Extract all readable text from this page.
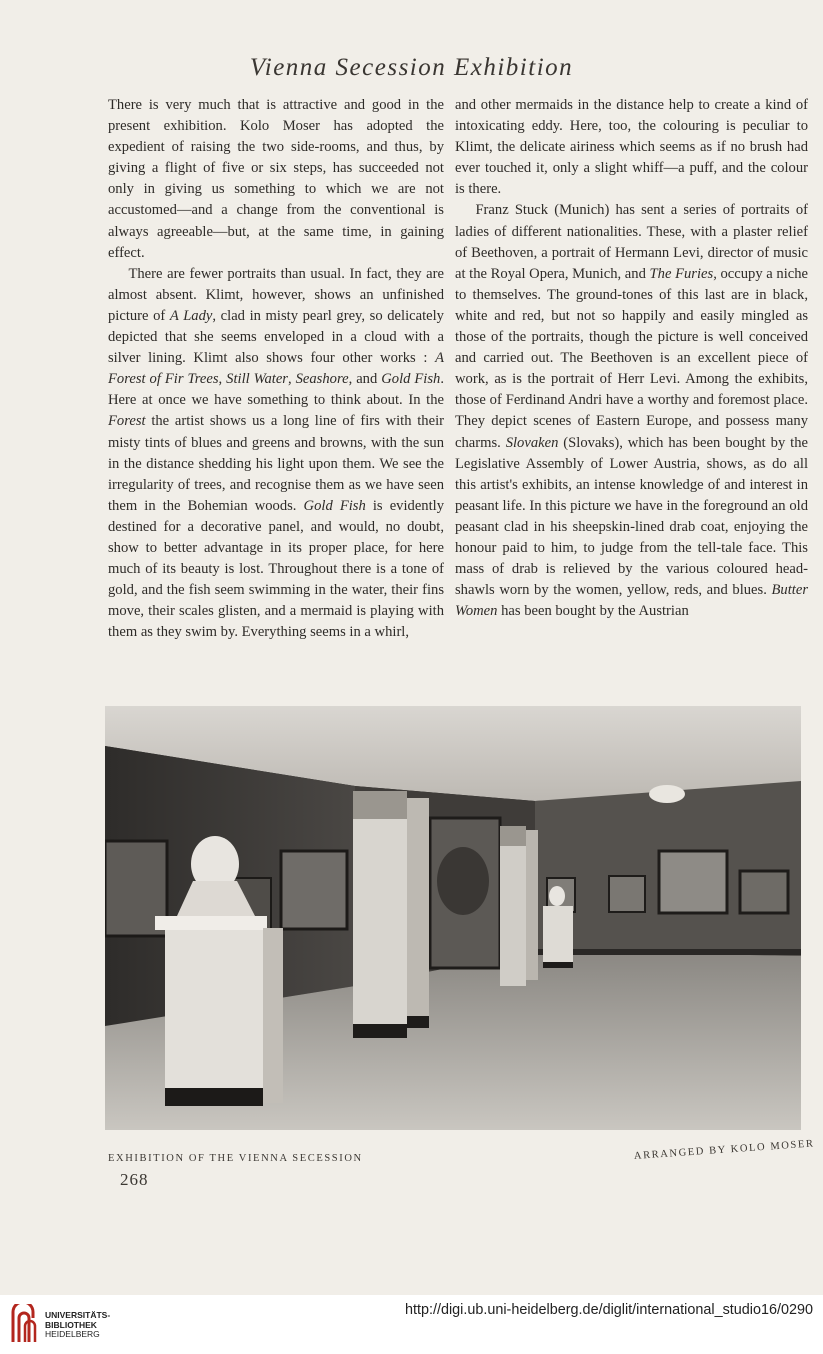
Vienna Secession Exhibition

There is very much that is attractive and good in the present exhibition. Kolo Moser has adopted the expedient of raising the two side-rooms, and thus, by giving a flight of five or six steps, has succeeded not only in giving us something to which we are not accustomed—and a change from the conventional is always agreeable—but, at the same time, in gaining effect.

There are fewer portraits than usual. In fact, they are almost absent. Klimt, however, shows an unfinished picture of A Lady, clad in misty pearl grey, so delicately depicted that she seems enveloped in a cloud with a silver lining. Klimt also shows four other works : A Forest of Fir Trees, Still Water, Seashore, and Gold Fish. Here at once we have something to think about. In the Forest the artist shows us a long line of firs with their misty tints of blues and greens and browns, with the sun in the distance shedding his light upon them. We see the irregularity of trees, and recognise them as we have seen them in the Bohemian woods. Gold Fish is evidently destined for a decorative panel, and would, no doubt, show to better advantage in its proper place, for here much of its beauty is lost. Throughout there is a tone of gold, and the fish seem swimming in the water, their fins move, their scales glisten, and a mermaid is playing with them as they swim by. Everything seems in a whirl,

and other mermaids in the distance help to create a kind of intoxicating eddy. Here, too, the colouring is peculiar to Klimt, the delicate airiness which seems as if no brush had ever touched it, only a slight whiff—a puff, and the colour is there.

Franz Stuck (Munich) has sent a series of portraits of ladies of different nationalities. These, with a plaster relief of Beethoven, a portrait of Hermann Levi, director of music at the Royal Opera, Munich, and The Furies, occupy a niche to themselves. The ground-tones of this last are in black, white and red, but not so happily and easily mingled as those of the portraits, though the picture is well conceived and carried out. The Beethoven is an excellent piece of work, as is the portrait of Herr Levi. Among the exhibits, those of Ferdinand Andri have a worthy and foremost place. They depict scenes of Eastern Europe, and possess many charms. Slovaken (Slovaks), which has been bought by the Legislative Assembly of Lower Austria, shows, as do all this artist's exhibits, an intense knowledge of and interest in peasant life. In this picture we have in the foreground an old peasant clad in his sheepskin-lined drab coat, enjoying the honour paid to him, to judge from the tell-tale face. This mass of drab is relieved by the various coloured head-shawls worn by the women, yellow, reds, and blues. Butter Women has been bought by the Austrian

EXHIBITION OF THE VIENNA SECESSION	ARRANGED BY KOLO MOSER
268
UNIVERSITÄTS-
BIBLIOTHEK
HEIDELBERG
http://digi.ub.uni-heidelberg.de/diglit/international_studio16/0290
